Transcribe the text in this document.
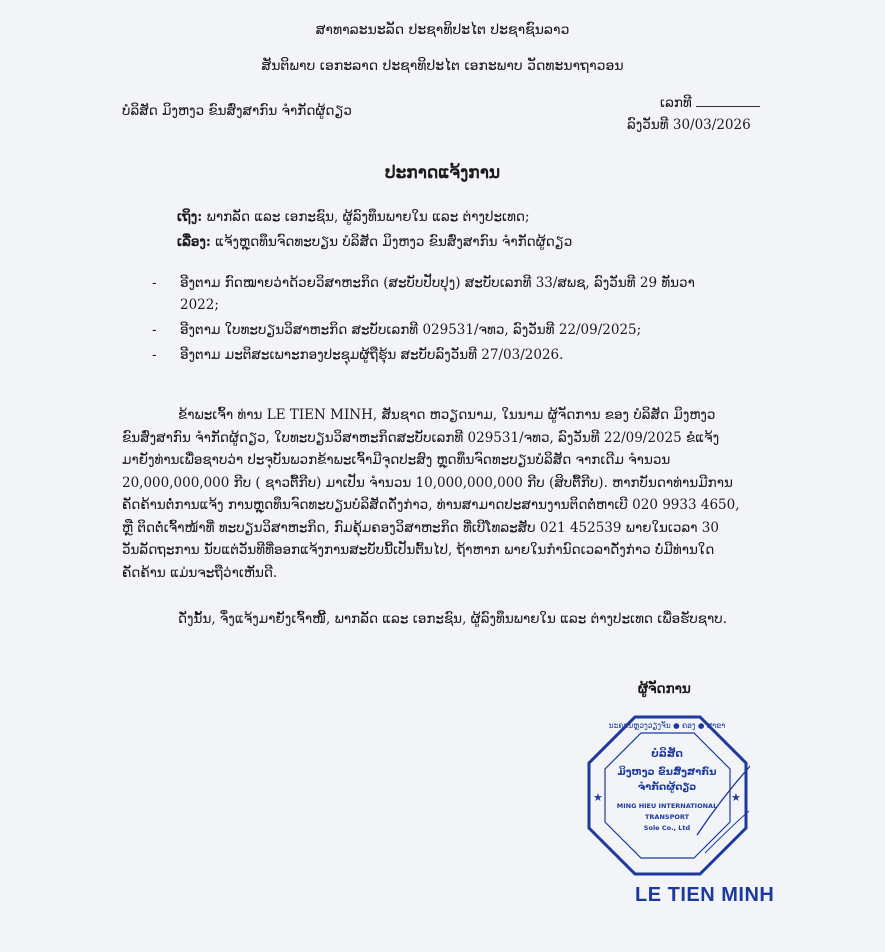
ສາທາລະນະລັດ ປະຊາທິປະໄຕ ປະຊາຊົນລາວ
ສັນຕິພາບ ເອກະລາດ ປະຊາທິປະໄຕ ເອກະພາບ ວັດທະນາຖາວອນ
ບໍລິສັດ ມິງຫງວ ຂົນສົ່ງສາກົນ ຈຳກັດຜູ້ດຽວ	ເລກທີ
ລົງວັນທີ 30/03/2026
ປະກາດແຈ້ງການ
ເຖິງ: ພາກລັດ ແລະ ເອກະຊົນ, ຜູ້ລົງທຶນພາຍໃນ ແລະ ຕ່າງປະເທດ;
ເລື່ອງ: ແຈ້ງຫຼຸດທຶນຈົດທະບຽນ ບໍລິສັດ ມິງຫງວ ຂົນສົ່ງສາກົນ ຈຳກັດຜູ້ດຽວ
- ອີງຕາມ ກົດໝາຍວ່າດ້ວຍວິສາຫະກິດ (ສະບັບປັບປຸງ) ສະບັບເລກທີ 33/ສພຊ, ລົງວັນທີ 29 ທັນວາ
2022;
- ອີງຕາມ ໃບທະບຽນວິສາຫະກິດ ສະບັບເລກທີ 029531/ຈທວ, ລົງວັນທີ 22/09/2025;
- ອີງຕາມ ມະຕິສະເພາະກອງປະຊຸມຜູ້ຖືຮຸ້ນ ສະບັບລົງວັນທີ 27/03/2026.
ຂ້າພະເຈົ້າ ທ່ານ LE TIEN MINH, ສັນຊາດ ຫວຽດນາມ, ໃນນາມ ຜູ້ຈັດການ ຂອງ ບໍລິສັດ ມິງຫງວ
ຂົນສົ່ງສາກົນ ຈຳກັດຜູ້ດຽວ, ໃບທະບຽນວິສາຫະກິດສະບັບເລກທີ 029531/ຈທວ, ລົງວັນທີ 22/09/2025 ຂໍແຈ້ງ
ມາຍັງທ່ານເພື່ອຊາບວ່າ ປະຈຸບັນພວກຂ້າພະເຈົ້າມີຈຸດປະສົງ ຫຼຸດທຶນຈົດທະບຽນບໍລິສັດ ຈາກເດີມ ຈຳນວນ
20,000,000,000 ກີບ ( ຊາວຕື້ກີບ) ມາເປັນ ຈຳນວນ 10,000,000,000 ກີບ (ສິບຕື້ກີບ). ຫາກບັນດາທ່ານມີການ
ຄັດຄ້ານຕໍ່ການແຈ້ງ ການຫຼຸດທຶນຈົດທະບຽນບໍລິສັດດັ່ງກ່າວ, ທ່ານສາມາດປະສານງານຕິດຕໍ່ຫາເບີ 020 9933 4650,
ຫຼື ຕິດຕໍ່ເຈົ້າໜ້າທີ່ ທະບຽນວິສາຫະກິດ, ກົມຄຸ້ມຄອງວິສາຫະກິດ ທີ່ເບີໂທລະສັບ 021 452539 ພາຍໃນເວລາ 30
ວັນລັດຖະການ ນັບແຕ່ວັນທີທີ່ອອກແຈ້ງການສະບັບນີ້ເປັນຕົ້ນໄປ, ຖ້າຫາກ ພາຍໃນກຳນົດເວລາດັ່ງກ່າວ ບໍ່ມີທ່ານໃດ
ຄັດຄ້ານ ແມ່ນຈະຖືວ່າເຫັນດີ.
ດັ່ງນັ້ນ, ຈຶ່ງແຈ້ງມາຍັງເຈົ້າໜີ້, ພາກລັດ ແລະ ເອກະຊົນ, ຜູ້ລົງທຶນພາຍໃນ ແລະ ຕ່າງປະເທດ ເພື່ອຮັບຊາບ.
ຜູ້ຈັດການ
ນະຄອນຫຼວງວຽງຈັນ ● ຄອງ ● ສາຂາ
★	★
ບໍລິສັດ
ມິງຫງວ ຂົນສົ່ງສາກົນ
ຈຳກັດຜູ້ດຽວ
MING HIEU INTERNATIONAL
TRANSPORT
Sole Co., Ltd
LE TIEN MINH
